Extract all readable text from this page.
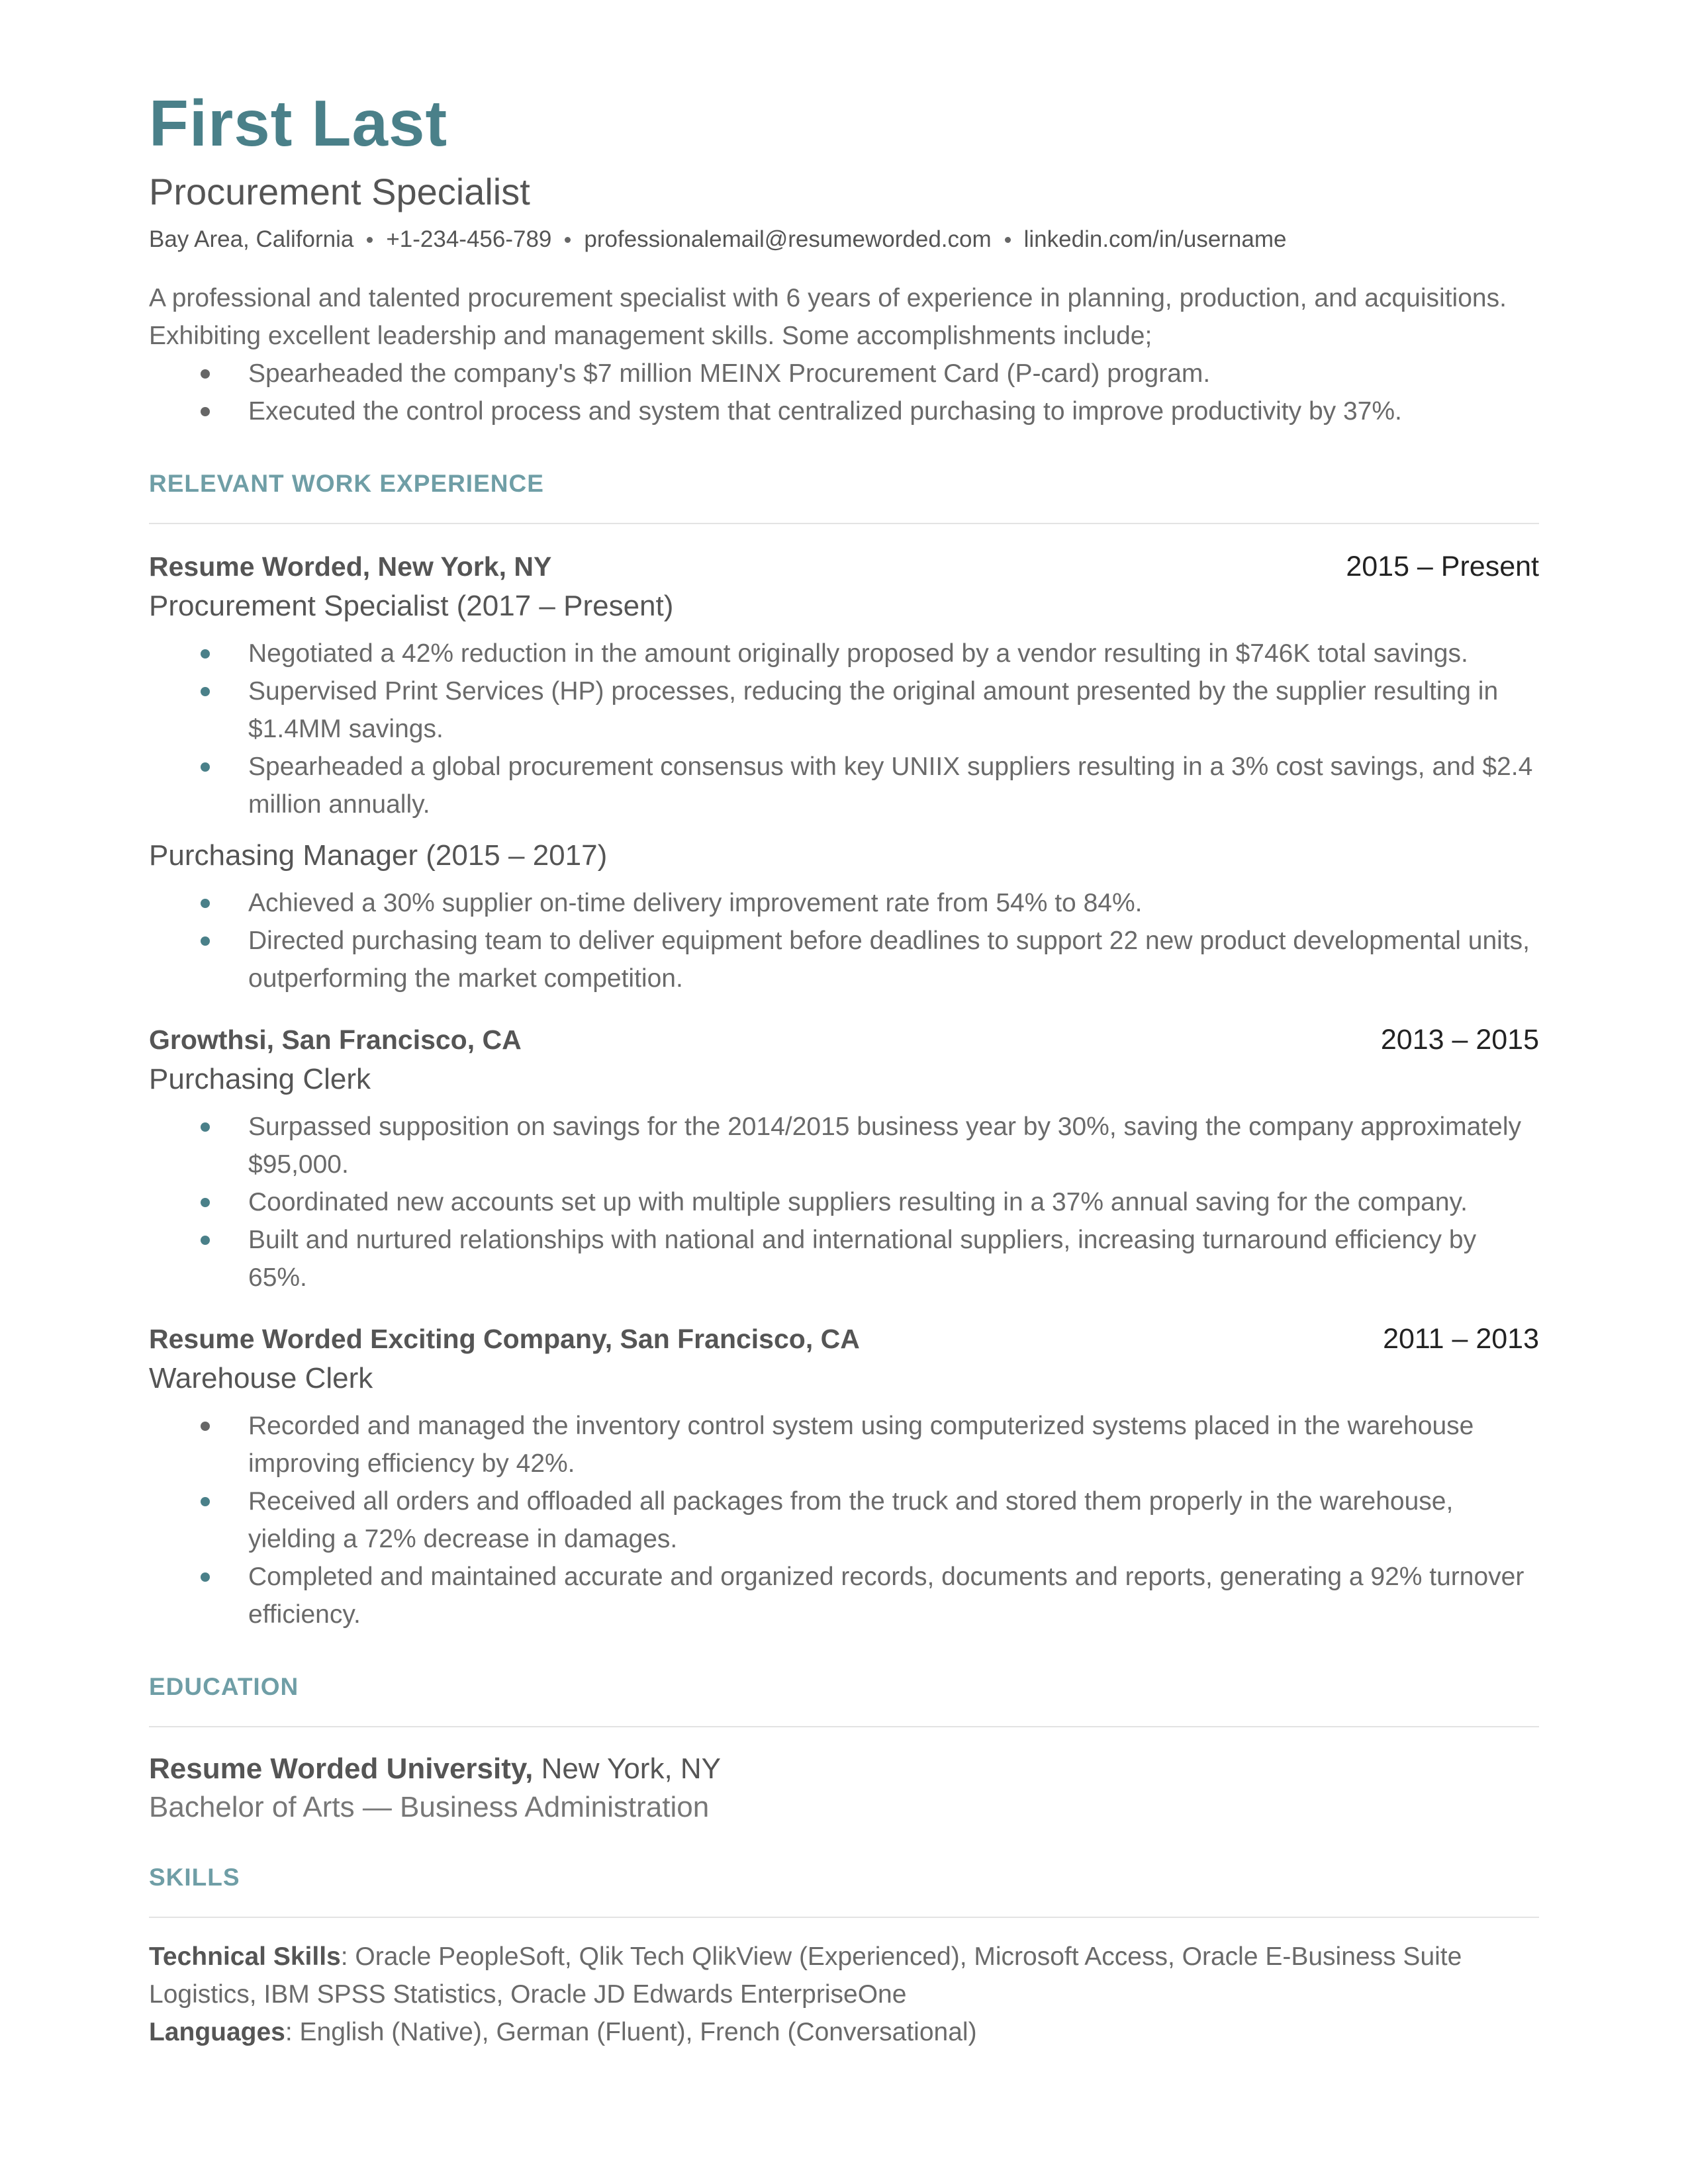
First Last
Procurement Specialist
Bay Area, California +1-234-456-789 professionalemail@resumeworded.com linkedin.com/in/username
A professional and talented procurement specialist with 6 years of experience in planning, production, and acquisitions. Exhibiting excellent leadership and management skills. Some accomplishments include;
Spearheaded the company's $7 million MEINX Procurement Card (P-card) program.
Executed the control process and system that centralized purchasing to improve productivity by 37%.
RELEVANT WORK EXPERIENCE
Resume Worded, New York, NY	2015 – Present
Procurement Specialist (2017 – Present)
Negotiated a 42% reduction in the amount originally proposed by a vendor resulting in $746K total savings.
Supervised Print Services (HP) processes, reducing the original amount presented by the supplier resulting in $1.4MM savings.
Spearheaded a global procurement consensus with key UNIIX suppliers resulting in a 3% cost savings, and $2.4 million annually.
Purchasing Manager (2015 – 2017)
Achieved a 30% supplier on-time delivery improvement rate from 54% to 84%.
Directed purchasing team to deliver equipment before deadlines to support 22 new product developmental units, outperforming the market competition.
Growthsi, San Francisco, CA	2013 – 2015
Purchasing Clerk
Surpassed supposition on savings for the 2014/2015 business year by 30%, saving the company approximately $95,000.
Coordinated new accounts set up with multiple suppliers resulting in a 37% annual saving for the company.
Built and nurtured relationships with national and international suppliers, increasing turnaround efficiency by 65%.
Resume Worded Exciting Company, San Francisco, CA	2011 – 2013
Warehouse Clerk
Recorded and managed the inventory control system using computerized systems placed in the warehouse improving efficiency by 42%.
Received all orders and offloaded all packages from the truck and stored them properly in the warehouse, yielding a 72% decrease in damages.
Completed and maintained accurate and organized records, documents and reports, generating a 92% turnover efficiency.
EDUCATION
Resume Worded University, New York, NY
Bachelor of Arts — Business Administration
SKILLS
Technical Skills: Oracle PeopleSoft, Qlik Tech QlikView (Experienced), Microsoft Access, Oracle E-Business Suite Logistics, IBM SPSS Statistics, Oracle JD Edwards EnterpriseOne
Languages: English (Native), German (Fluent), French (Conversational)
